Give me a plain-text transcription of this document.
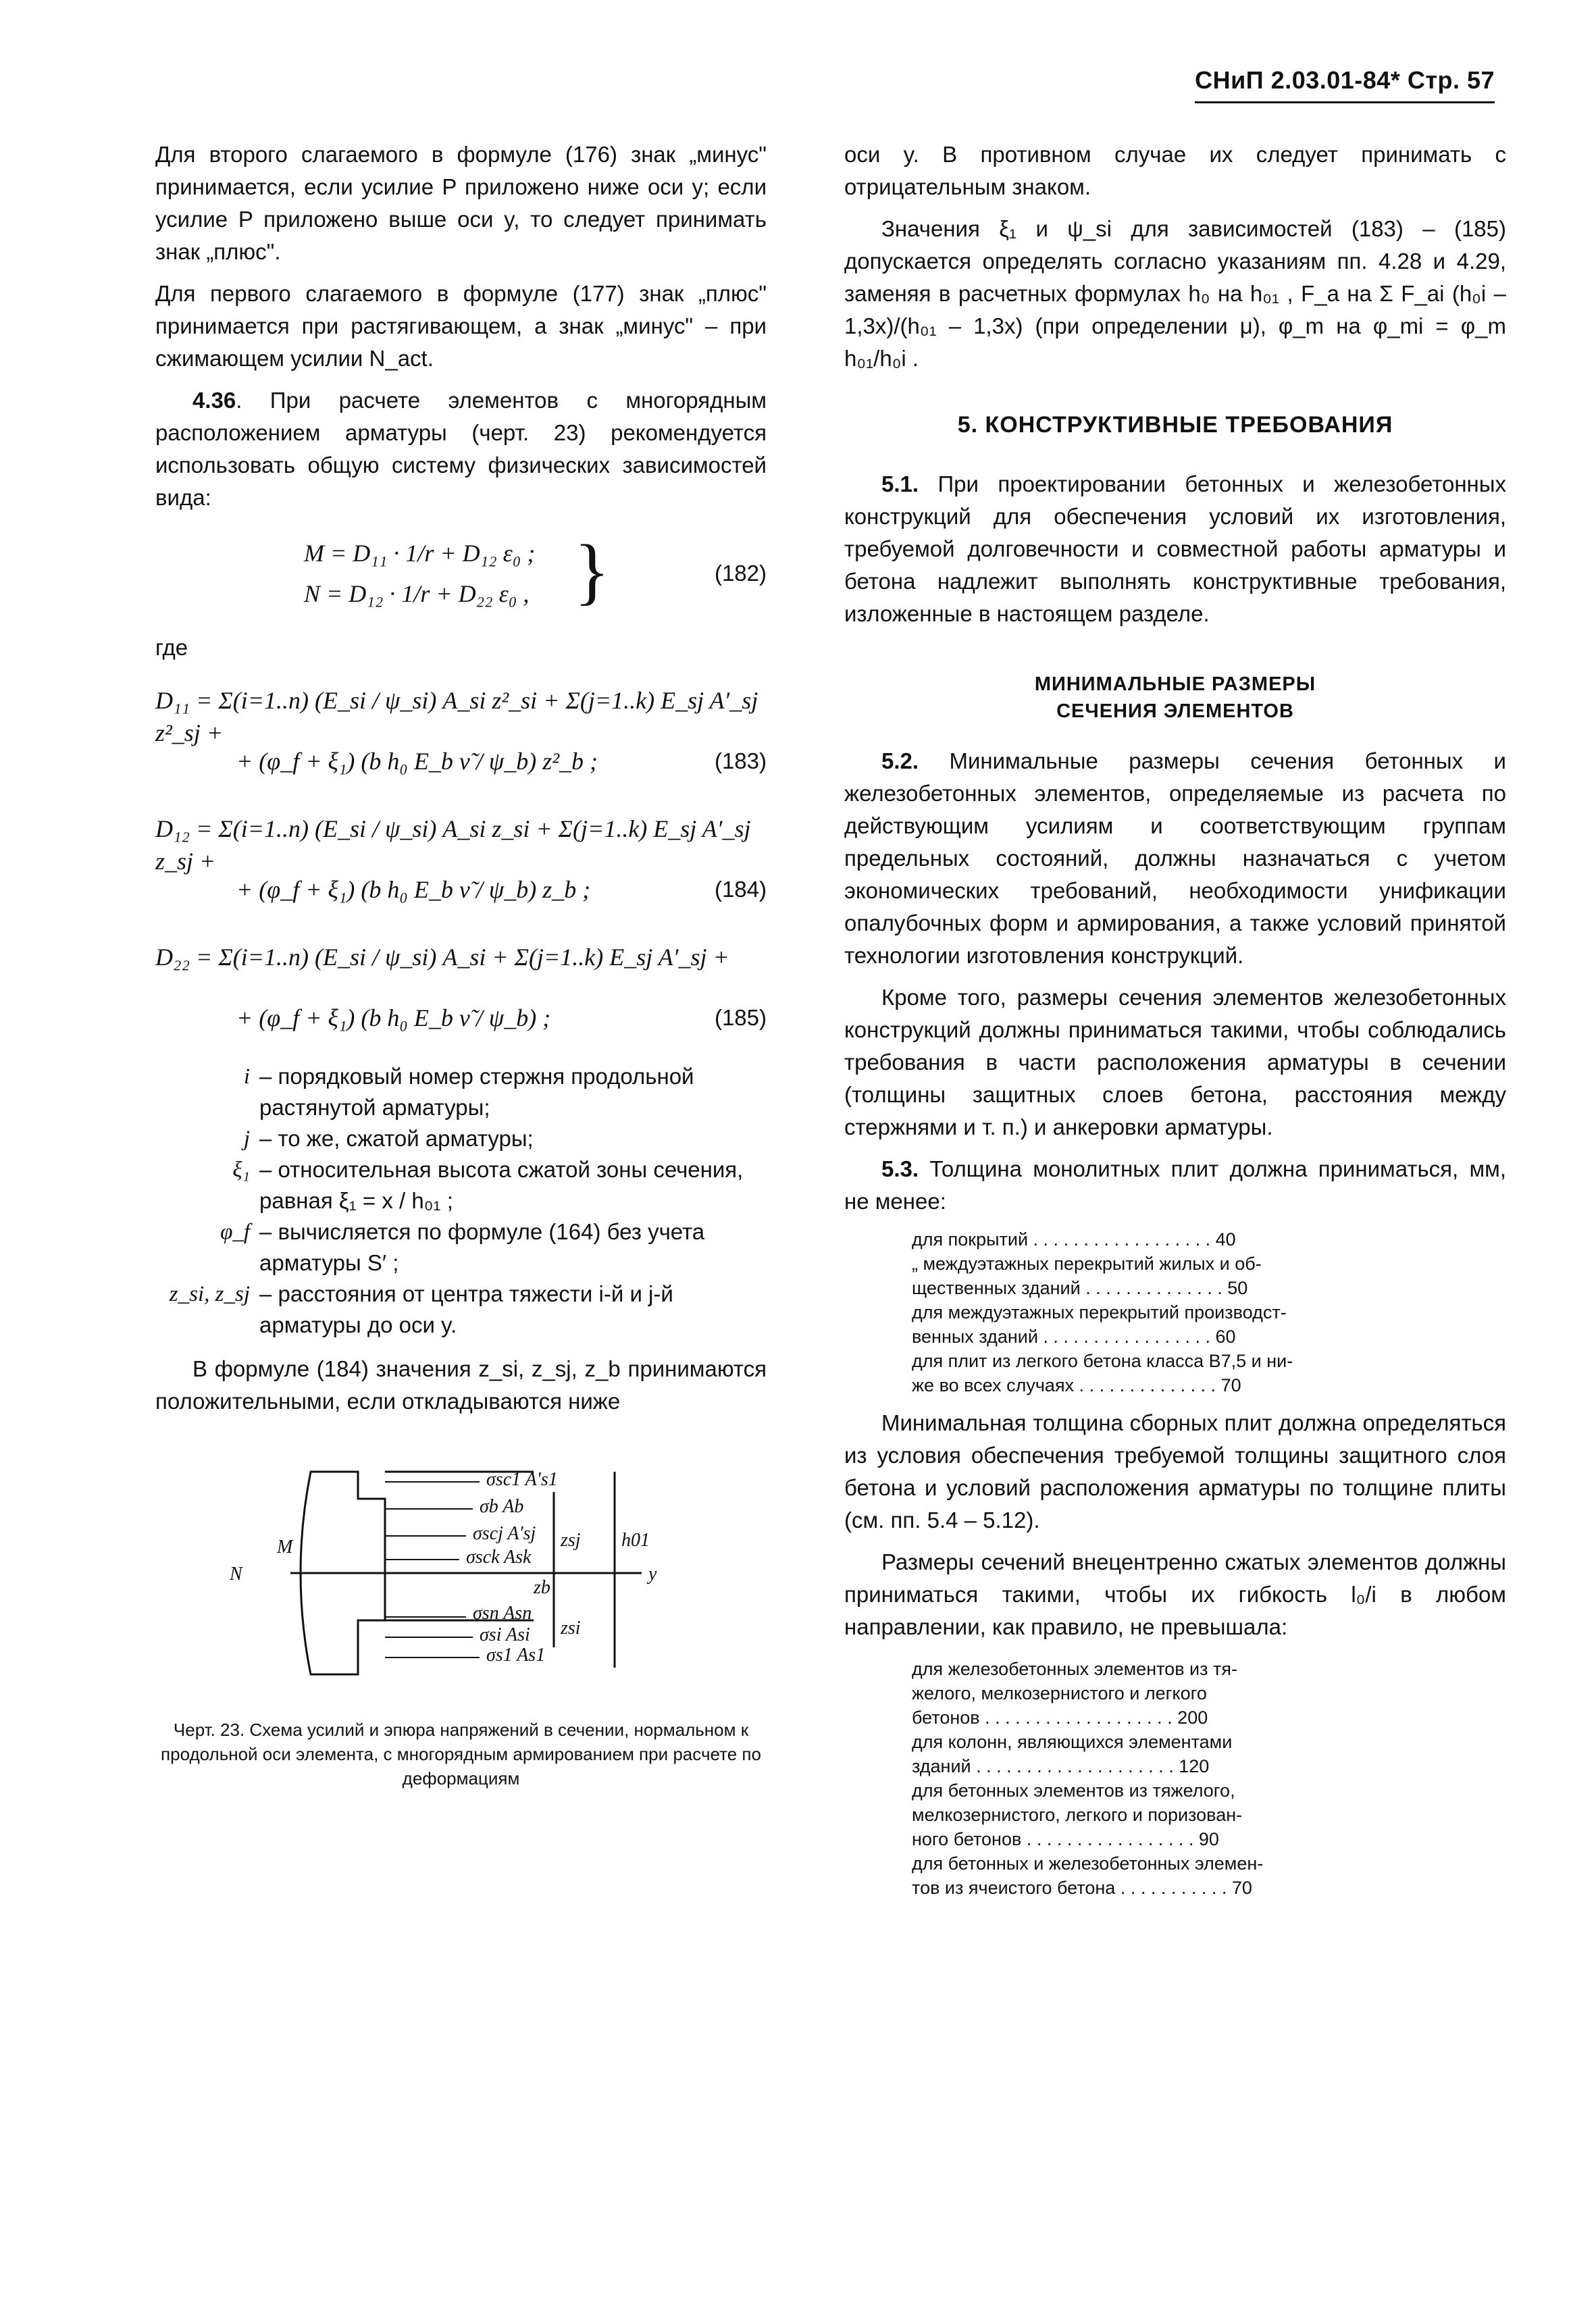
СНиП 2.03.01-84* Стр. 57

Для второго слагаемого в формуле (176) знак „минус" принимается, если усилие P приложено ниже оси y; если усилие P приложено выше оси y, то следует принимать знак „плюс".

Для первого слагаемого в формуле (177) знак „плюс" принимается при растягивающем, а знак „минус" – при сжимающем усилии N_act.

4.36. При расчете элементов с многорядным расположением арматуры (черт. 23) рекомендуется использовать общую систему физических зависимостей вида:

M = D₁₁ · 1/r + D₁₂ ε₀ ;
N = D₁₂ · 1/r + D₂₂ ε₀ , }	(182)
где
D₁₁ = Σ(i=1..n) (E_si / ψ_si) A_si z²_si + Σ(j=1..k) E_sj A′_sj z²_sj +
+ (φ_f + ξ₁) (b h₀ E_b ν̃ / ψ_b) z²_b ;	(183)
D₁₂ = Σ(i=1..n) (E_si / ψ_si) A_si z_si + Σ(j=1..k) E_sj A′_sj z_sj +
+ (φ_f + ξ₁) (b h₀ E_b ν̃ / ψ_b) z_b ;	(184)
D₂₂ = Σ(i=1..n) (E_si / ψ_si) A_si + Σ(j=1..k) E_sj A′_sj +
+ (φ_f + ξ₁) (b h₀ E_b ν̃ / ψ_b) ;	(185)
i – порядковый номер стержня продольной растянутой арматуры;
j – то же, сжатой арматуры;
ξ₁ – относительная высота сжатой зоны сечения, равная ξ₁ = x / h₀₁ ;
φ_f – вычисляется по формуле (164) без учета арматуры S′ ;
z_si, z_sj – расстояния от центра тяжести i-й и j-й арматуры до оси y.

В формуле (184) значения z_si, z_sj, z_b принимаются положительными, если откладываются ниже

σsc1 A′s1
σb Ab
σscj A′sj
σsck Ask
σsn Asn
σsi Asi
σs1 As1
M
N	y
zb
zsj
zsi
h01
Черт. 23. Схема усилий и эпюра напряжений в сечении, нормальном к продольной оси элемента, с многорядным армированием при расчете по деформациям

оси y. В противном случае их следует принимать с отрицательным знаком.

Значения ξ₁ и ψ_si для зависимостей (183) – (185) допускается определять согласно указаниям пп. 4.28 и 4.29, заменяя в расчетных формулах h₀ на h₀₁ , F_a на Σ F_ai (h₀i – 1,3x)/(h₀₁ – 1,3x) (при определении μ), φ_m на φ_mi = φ_m h₀₁/h₀i .

5. КОНСТРУКТИВНЫЕ ТРЕБОВАНИЯ

5.1. При проектировании бетонных и железобетонных конструкций для обеспечения условий их изготовления, требуемой долговечности и совместной работы арматуры и бетона надлежит выполнять конструктивные требования, изложенные в настоящем разделе.

МИНИМАЛЬНЫЕ РАЗМЕРЫ
СЕЧЕНИЯ ЭЛЕМЕНТОВ

5.2. Минимальные размеры сечения бетонных и железобетонных элементов, определяемые из расчета по действующим усилиям и соответствующим группам предельных состояний, должны назначаться с учетом экономических требований, необходимости унификации опалубочных форм и армирования, а также условий принятой технологии изготовления конструкций.

Кроме того, размеры сечения элементов железобетонных конструкций должны приниматься такими, чтобы соблюдались требования в части расположения арматуры в сечении (толщины защитных слоев бетона, расстояния между стержнями и т. п.) и анкеровки арматуры.

5.3. Толщина монолитных плит должна приниматься, мм, не менее:

для покрытий . . . . . . . . . . . . . . . . . . 40
„ междуэтажных перекрытий жилых и об-
щественных зданий . . . . . . . . . . . . . . 50
для междуэтажных перекрытий производст-
венных зданий . . . . . . . . . . . . . . . . . 60
для плит из легкого бетона класса В7,5 и ни-
же во всех случаях . . . . . . . . . . . . . . 70

Минимальная толщина сборных плит должна определяться из условия обеспечения требуемой толщины защитного слоя бетона и условий расположения арматуры по толщине плиты (см. пп. 5.4 – 5.12).

Размеры сечений внецентренно сжатых элементов должны приниматься такими, чтобы их гибкость l₀/i в любом направлении, как правило, не превышала:

для железобетонных элементов из тя-
желого, мелкозернистого и легкого
бетонов . . . . . . . . . . . . . . . . . . . 200
для колонн, являющихся элементами
зданий . . . . . . . . . . . . . . . . . . . . 120
для бетонных элементов из тяжелого,
мелкозернистого, легкого и поризован-
ного бетонов . . . . . . . . . . . . . . . . . 90
для бетонных и железобетонных элемен-
тов из ячеистого бетона . . . . . . . . . . . 70
